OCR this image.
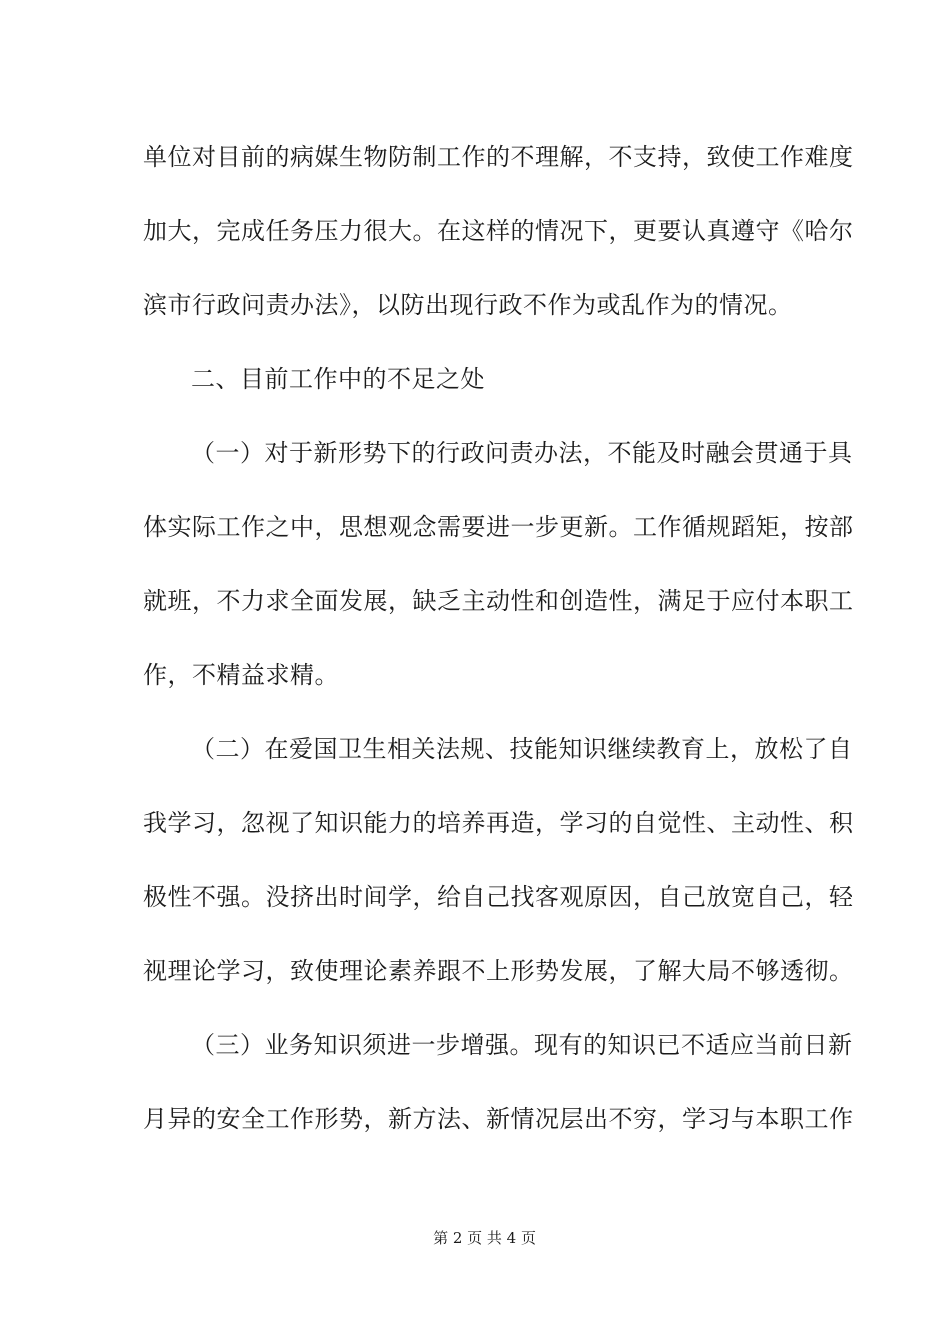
单位对目前的病媒生物防制工作的不理解，不支持，致使工作难度
加大，完成任务压力很大。在这样的情况下，更要认真遵守《哈尔
滨市行政问责办法》，以防出现行政不作为或乱作为的情况。
二、目前工作中的不足之处
（一）对于新形势下的行政问责办法，不能及时融会贯通于具
体实际工作之中，思想观念需要进一步更新。工作循规蹈矩，按部
就班，不力求全面发展，缺乏主动性和创造性，满足于应付本职工
作，不精益求精。
（二）在爱国卫生相关法规、技能知识继续教育上，放松了自
我学习，忽视了知识能力的培养再造，学习的自觉性、主动性、积
极性不强。没挤出时间学，给自己找客观原因，自己放宽自己，轻
视理论学习，致使理论素养跟不上形势发展，了解大局不够透彻。
（三）业务知识须进一步增强。现有的知识已不适应当前日新
月异的安全工作形势，新方法、新情况层出不穷，学习与本职工作

第 2 页 共 4 页
